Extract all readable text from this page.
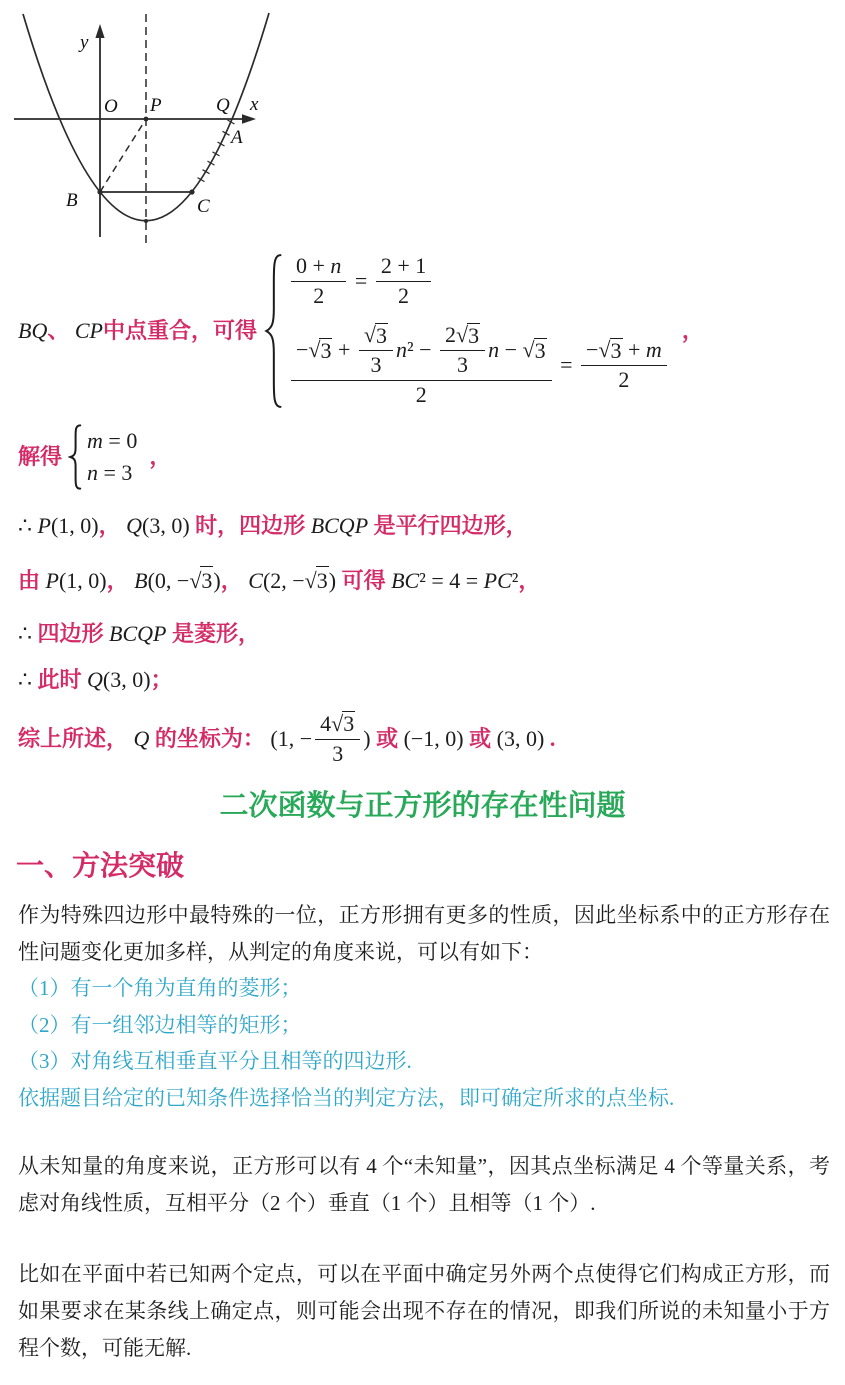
y
x
O P	Q
A
B	C
BQ、 CP中点重合，可得
$\frac{0 + n}{2} = \frac{2 + 1}{2}$
$\frac{- √ 3 + \frac{√ 3}{3} n ^2 - \frac{2 √ 3}{3} n - √ 3}{2} = \frac{- √ 3 + m}{2}$
，
解得
m = 0
n = 3
，
∴ P (1, 0) ， Q (3, 0) 时，四边形 BCQP 是平行四边形，
由 P (1, 0) ， B (0, − √ 3 ) ， C (2, − √ 3 ) 可得 BC ² = 4 = PC ² ，
∴ 四边形 BCQP 是菱形，
∴ 此时 Q (3, 0) ；
综上所述， Q 的坐标为： (1, − $\frac{4 √ 3}{3}$ ) 或 (−1, 0) 或 (3, 0) .
二次函数与正方形的存在性问题
一、方法突破
作为特殊四边形中最特殊的一位，正方形拥有更多的性质，因此坐标系中的正方形存在性问题变化更加多样，从判定的角度来说，可以有如下：
（1）有一个角为直角的菱形；
（2）有一组邻边相等的矩形；
（3）对角线互相垂直平分且相等的四边形.
依据题目给定的已知条件选择恰当的判定方法，即可确定所求的点坐标.
从未知量的角度来说，正方形可以有 4 个“未知量”，因其点坐标满足 4 个等量关系，考虑对角线性质，互相平分（2 个）垂直（1 个）且相等（1 个）.
比如在平面中若已知两个定点，可以在平面中确定另外两个点使得它们构成正方形，而如果要求在某条线上确定点，则可能会出现不存在的情况，即我们所说的未知量小于方程个数，可能无解.
